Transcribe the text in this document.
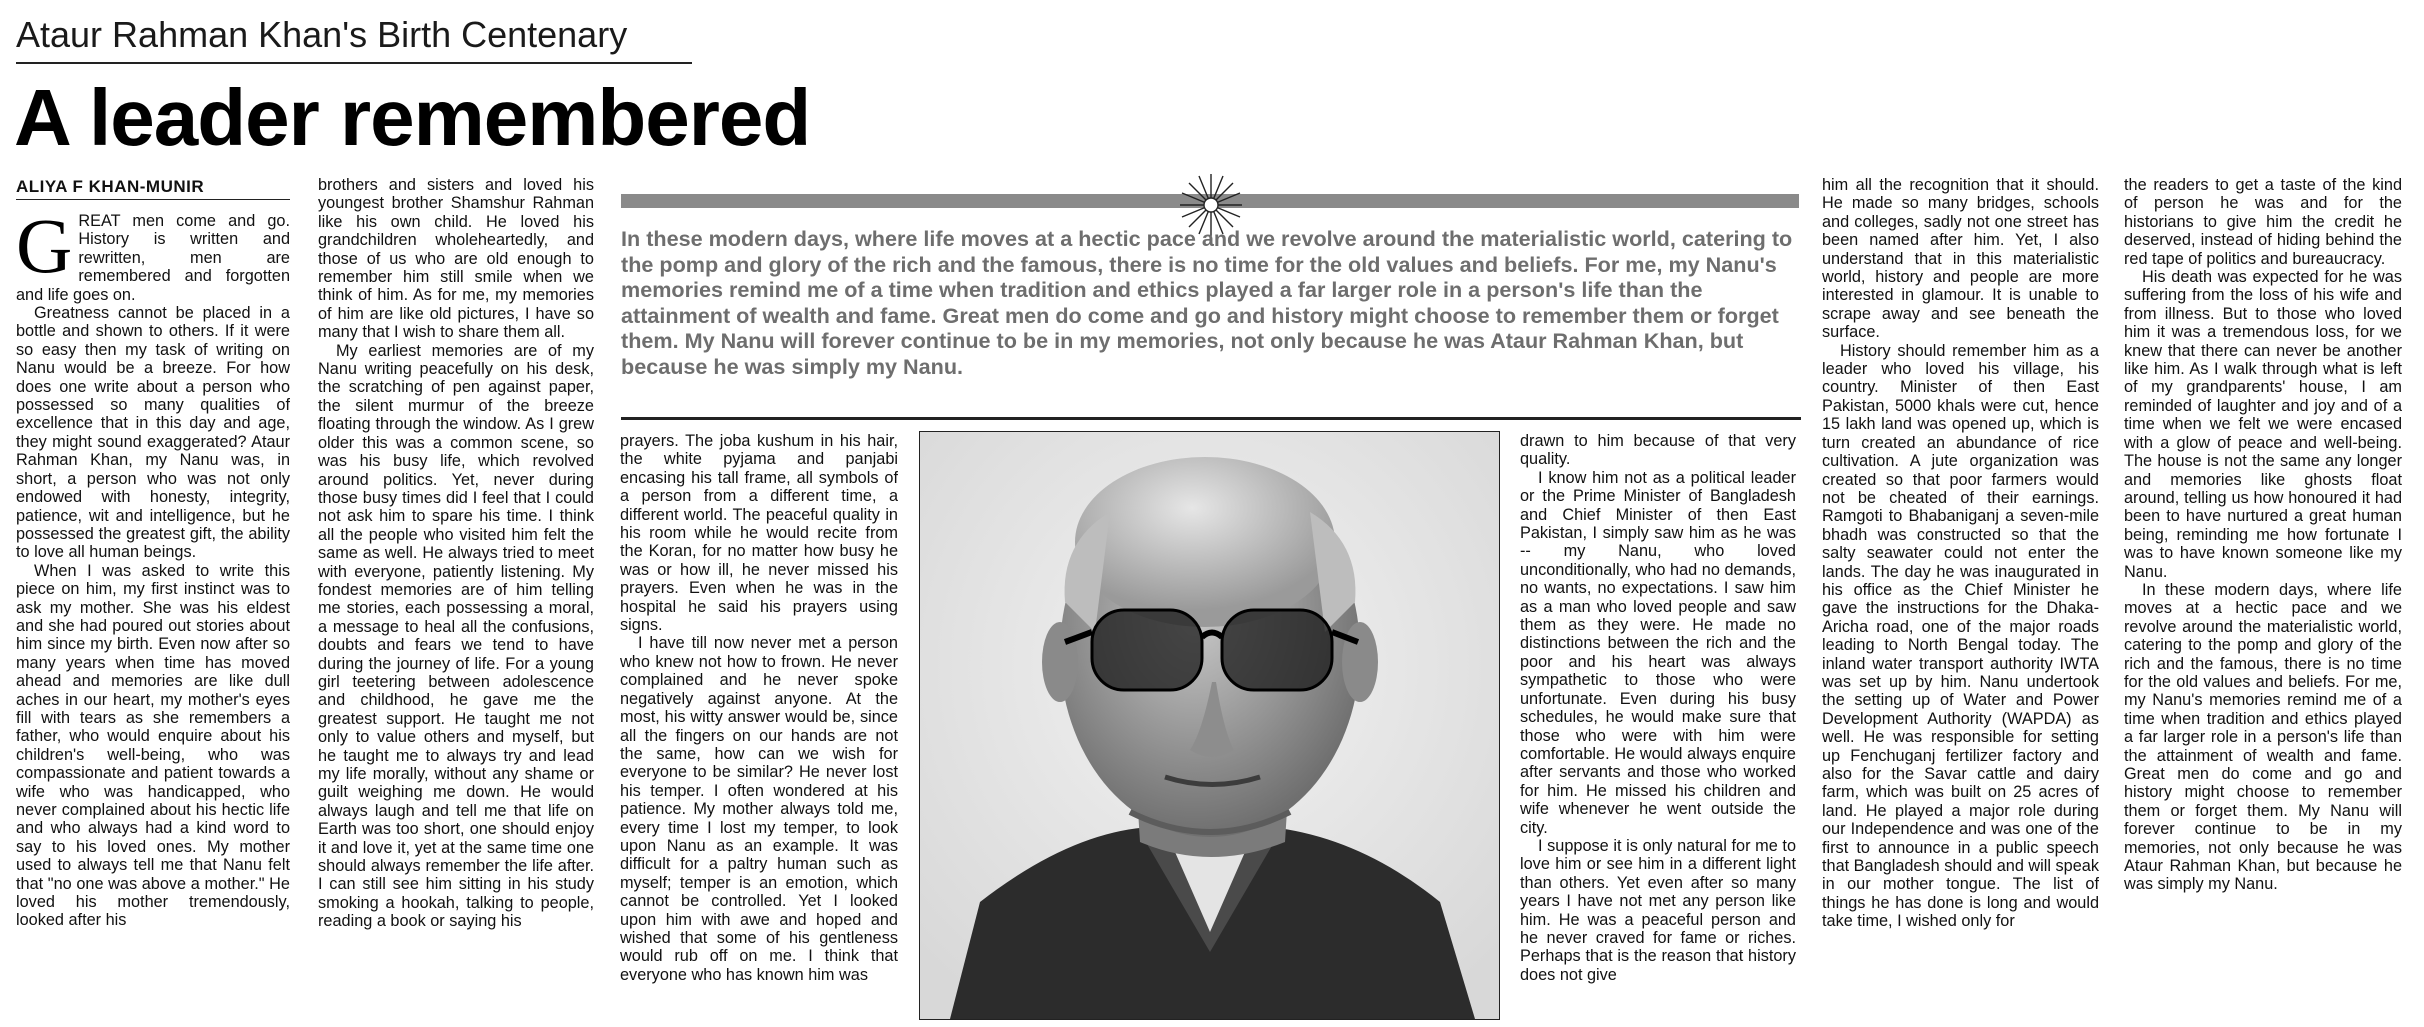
Ataur Rahman Khan's Birth Centenary
A leader remembered
ALIYA F KHAN-MUNIR

GREAT men come and go. History is written and rewritten, men are remembered and forgotten and life goes on.

Greatness cannot be placed in a bottle and shown to others. If it were so easy then my task of writing on Nanu would be a breeze. For how does one write about a person who possessed so many qualities of excellence that in this day and age, they might sound exaggerated? Ataur Rahman Khan, my Nanu was, in short, a person who was not only endowed with honesty, integrity, patience, wit and intelligence, but he possessed the greatest gift, the ability to love all human beings.

When I was asked to write this piece on him, my first instinct was to ask my mother. She was his eldest and she had poured out stories about him since my birth. Even now after so many years when time has moved ahead and memories are like dull aches in our heart, my mother's eyes fill with tears as she remembers a father, who would enquire about his children's well-being, who was compassionate and patient towards a wife who was handicapped, who never complained about his hectic life and who always had a kind word to say to his loved ones. My mother used to always tell me that Nanu felt that "no one was above a mother." He loved his mother tremendously, looked after his

brothers and sisters and loved his youngest brother Shamshur Rahman like his own child. He loved his grandchildren wholeheartedly, and those of us who are old enough to remember him still smile when we think of him. As for me, my memories of him are like old pictures, I have so many that I wish to share them all.

My earliest memories are of my Nanu writing peacefully on his desk, the scratching of pen against paper, the silent murmur of the breeze floating through the window. As I grew older this was a common scene, so was his busy life, which revolved around politics. Yet, never during those busy times did I feel that I could not ask him to spare his time. I think all the people who visited him felt the same as well. He always tried to meet with everyone, patiently listening. My fondest memories are of him telling me stories, each possessing a moral, a message to heal all the confusions, doubts and fears we tend to have during the journey of life. For a young girl teetering between adolescence and childhood, he gave me the greatest support. He taught me not only to value others and myself, but he taught me to always try and lead my life morally, without any shame or guilt weighing me down. He would always laugh and tell me that life on Earth was too short, one should enjoy it and love it, yet at the same time one should always remember the life after. I can still see him sitting in his study smoking a hookah, talking to people, reading a book or saying his

In these modern days, where life moves at a hectic pace and we revolve around the materialistic world, catering to the pomp and glory of the rich and the famous, there is no time for the old values and beliefs. For me, my Nanu's memories remind me of a time when tradition and ethics played a far larger role in a person's life than the attainment of wealth and fame. Great men do come and go and history might choose to remember them or forget them. My Nanu will forever continue to be in my memories, not only because he was Ataur Rahman Khan, but because he was simply my Nanu.

prayers. The joba kushum in his hair, the white pyjama and panjabi encasing his tall frame, all symbols of a person from a different time, a different world. The peaceful quality in his room while he would recite from the Koran, for no matter how busy he was or how ill, he never missed his prayers. Even when he was in the hospital he said his prayers using signs.

I have till now never met a person who knew not how to frown. He never complained and he never spoke negatively against anyone. At the most, his witty answer would be, since all the fingers on our hands are not the same, how can we wish for everyone to be similar? He never lost his temper. I often wondered at his patience. My mother always told me, every time I lost my temper, to look upon Nanu as an example. It was difficult for a paltry human such as myself; temper is an emotion, which cannot be controlled. Yet I looked upon him with awe and hoped and wished that some of his gentleness would rub off on me. I think that everyone who has known him was

drawn to him because of that very quality.

I know him not as a political leader or the Prime Minister of Bangladesh and Chief Minister of then East Pakistan, I simply saw him as he was -- my Nanu, who loved unconditionally, who had no demands, no wants, no expectations. I saw him as a man who loved people and saw them as they were. He made no distinctions between the rich and the poor and his heart was always sympathetic to those who were unfortunate. Even during his busy schedules, he would make sure that those who were with him were comfortable. He would always enquire after servants and those who worked for him. He missed his children and wife whenever he went outside the city.

I suppose it is only natural for me to love him or see him in a different light than others. Yet even after so many years I have not met any person like him. He was a peaceful person and he never craved for fame or riches. Perhaps that is the reason that history does not give

him all the recognition that it should. He made so many bridges, schools and colleges, sadly not one street has been named after him. Yet, I also understand that in this materialistic world, history and people are more interested in glamour. It is unable to scrape away and see beneath the surface.

History should remember him as a leader who loved his village, his country. Minister of then East Pakistan, 5000 khals were cut, hence 15 lakh land was opened up, which is turn created an abundance of rice cultivation. A jute organization was created so that poor farmers would not be cheated of their earnings. Ramgoti to Bhabaniganj a seven-mile bhadh was constructed so that the salty seawater could not enter the lands. The day he was inaugurated in his office as the Chief Minister he gave the instructions for the Dhaka-Aricha road, one of the major roads leading to North Bengal today. The inland water transport authority IWTA was set up by him. Nanu undertook the setting up of Water and Power Development Authority (WAPDA) as well. He was responsible for setting up Fenchuganj fertilizer factory and also for the Savar cattle and dairy farm, which was built on 25 acres of land. He played a major role during our Independence and was one of the first to announce in a public speech that Bangladesh should and will speak in our mother tongue. The list of things he has done is long and would take time, I wished only for

the readers to get a taste of the kind of person he was and for the historians to give him the credit he deserved, instead of hiding behind the red tape of politics and bureaucracy.

His death was expected for he was suffering from the loss of his wife and from illness. But to those who loved him it was a tremendous loss, for we knew that there can never be another like him. As I walk through what is left of my grandparents' house, I am reminded of laughter and joy and of a time when we felt we were encased with a glow of peace and well-being. The house is not the same any longer and memories like ghosts float around, telling us how honoured it had been to have nurtured a great human being, reminding me how fortunate I was to have known someone like my Nanu.

In these modern days, where life moves at a hectic pace and we revolve around the materialistic world, catering to the pomp and glory of the rich and the famous, there is no time for the old values and beliefs. For me, my Nanu's memories remind me of a time when tradition and ethics played a far larger role in a person's life than the attainment of wealth and fame. Great men do come and go and history might choose to remember them or forget them. My Nanu will forever continue to be in my memories, not only because he was Ataur Rahman Khan, but because he was simply my Nanu.
